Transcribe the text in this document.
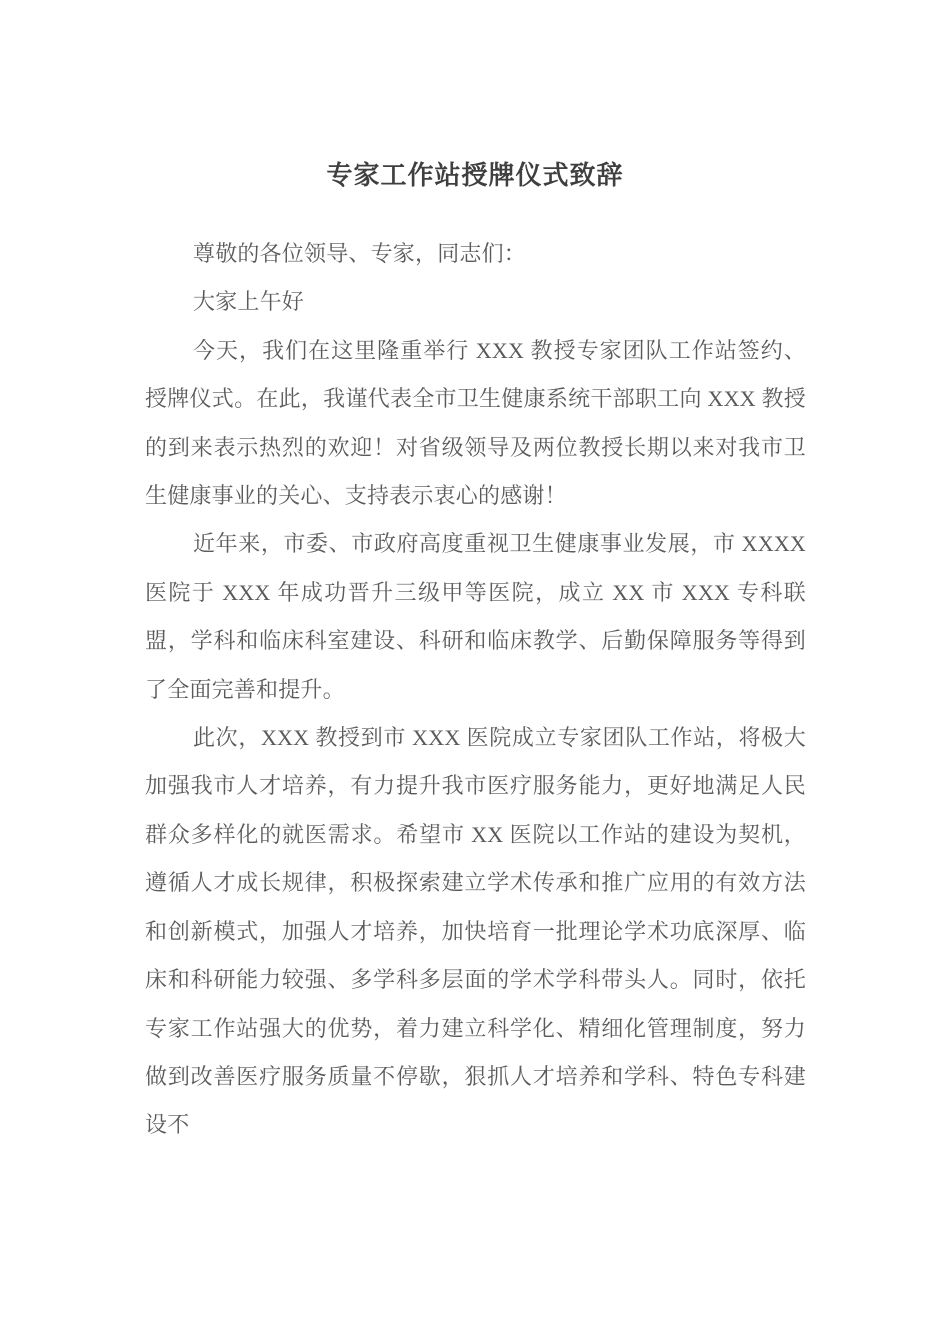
专家工作站授牌仪式致辞

尊敬的各位领导、专家，同志们：

大家上午好

今天，我们在这里隆重举行 XXX 教授专家团队工作站签约、授牌仪式。在此，我谨代表全市卫生健康系统干部职工向 XXX 教授的到来表示热烈的欢迎！对省级领导及两位教授长期以来对我市卫生健康事业的关心、支持表示衷心的感谢！

近年来，市委、市政府高度重视卫生健康事业发展，市 XXXX 医院于 XXX 年成功晋升三级甲等医院，成立 XX 市 XXX 专科联盟，学科和临床科室建设、科研和临床教学、后勤保障服务等得到了全面完善和提升。

此次，XXX 教授到市 XXX 医院成立专家团队工作站，将极大加强我市人才培养，有力提升我市医疗服务能力，更好地满足人民群众多样化的就医需求。希望市 XX 医院以工作站的建设为契机，遵循人才成长规律，积极探索建立学术传承和推广应用的有效方法和创新模式，加强人才培养，加快培育一批理论学术功底深厚、临床和科研能力较强、多学科多层面的学术学科带头人。同时，依托专家工作站强大的优势，着力建立科学化、精细化管理制度，努力做到改善医疗服务质量不停歇，狠抓人才培养和学科、特色专科建设不
